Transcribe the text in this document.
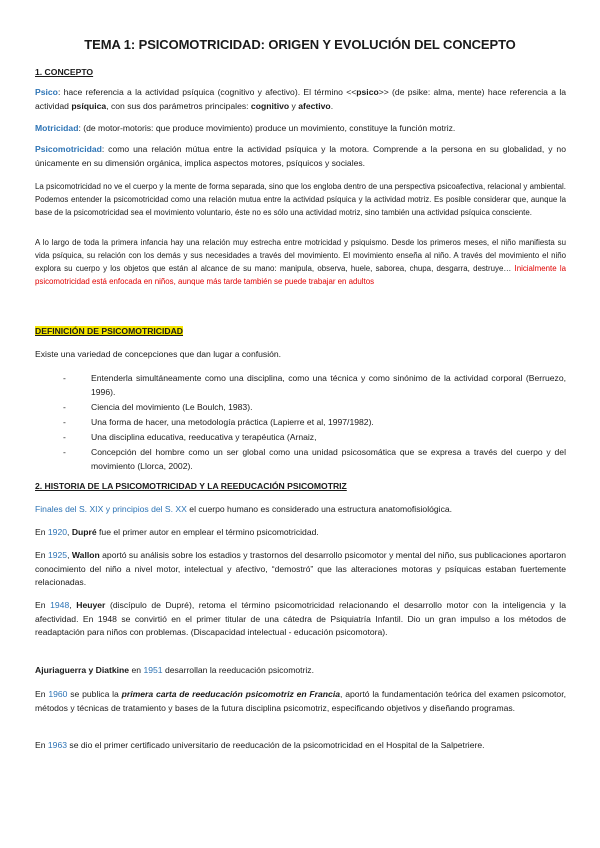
TEMA 1: PSICOMOTRICIDAD: ORIGEN Y EVOLUCIÓN DEL CONCEPTO
1. CONCEPTO
Psico: hace referencia a la actividad psíquica (cognitivo y afectivo). El término <<psico>> (de psike: alma, mente) hace referencia a la actividad psíquica, con sus dos parámetros principales: cognitivo y afectivo.
Motricidad: (de motor-motoris: que produce movimiento) produce un movimiento, constituye la función motriz.
Psicomotricidad: como una relación mútua entre la actividad psíquica y la motora. Comprende a la persona en su globalidad, y no únicamente en su dimensión orgánica, implica aspectos motores, psíquicos y sociales.
La psicomotricidad no ve el cuerpo y la mente de forma separada, sino que los engloba dentro de una perspectiva psicoafectiva, relacional y ambiental. Podemos entender la psicomotricidad como una relación mutua entre la actividad psíquica y la actividad motriz. Es posible considerar que, aunque la base de la psicomotricidad sea el movimiento voluntario, éste no es sólo una actividad motriz, sino también una actividad psíquica consciente.
A lo largo de toda la primera infancia hay una relación muy estrecha entre motricidad y psiquismo. Desde los primeros meses, el niño manifiesta su vida psíquica, su relación con los demás y sus necesidades a través del movimiento. El movimiento enseña al niño. A través del movimiento el niño explora su cuerpo y los objetos que están al alcance de su mano: manipula, observa, huele, saborea, chupa, desgarra, destruye… Inicialmente la psicomotricidad está enfocada en niños, aunque más tarde también se puede trabajar en adultos
DEFINICIÓN DE PSICOMOTRICIDAD
Existe una variedad de concepciones que dan lugar a confusión.
-	Entenderla simultáneamente como una disciplina, como una técnica y como sinónimo de la actividad corporal (Berruezo, 1996).
-	Ciencia del movimiento (Le Boulch, 1983).
-	Una forma de hacer, una metodología práctica (Lapierre et al, 1997/1982).
-	Una disciplina educativa, reeducativa y terapéutica (Arnaiz,
-	Concepción del hombre como un ser global como una unidad psicosomática que se expresa a través del cuerpo y del movimiento (Llorca, 2002).
2. HISTORIA DE LA PSICOMOTRICIDAD Y LA REEDUCACIÓN PSICOMOTRIZ
Finales del S. XIX y principios del S. XX el cuerpo humano es considerado una estructura anatomofisiológica.
En 1920, Dupré fue el primer autor en emplear el término psicomotricidad.
En 1925, Wallon aportó su análisis sobre los estadios y trastornos del desarrollo psicomotor y mental del niño, sus publicaciones aportaron conocimiento del niño a nivel motor, intelectual y afectivo, “demostró” que las alteraciones motoras y psíquicas estaban fuertemente relacionadas.
En 1948, Heuyer (discípulo de Dupré), retoma el término psicomotricidad relacionando el desarrollo motor con la inteligencia y la afectividad. En 1948 se convirtió en el primer titular de una cátedra de Psiquiatría Infantil. Dio un gran impulso a los métodos de readaptación para niños con problemas. (Discapacidad intelectual - educación psicomotora).
Ajuriaguerra y Diatkine en 1951 desarrollan la reeducación psicomotriz.
En 1960 se publica la primera carta de reeducación psicomotriz en Francia, aportó la fundamentación teórica del examen psicomotor, métodos y técnicas de tratamiento y bases de la futura disciplina psicomotriz, especificando objetivos y diseñando programas.
En 1963 se dio el primer certificado universitario de reeducación de la psicomotricidad en el Hospital de la Salpetriere.
